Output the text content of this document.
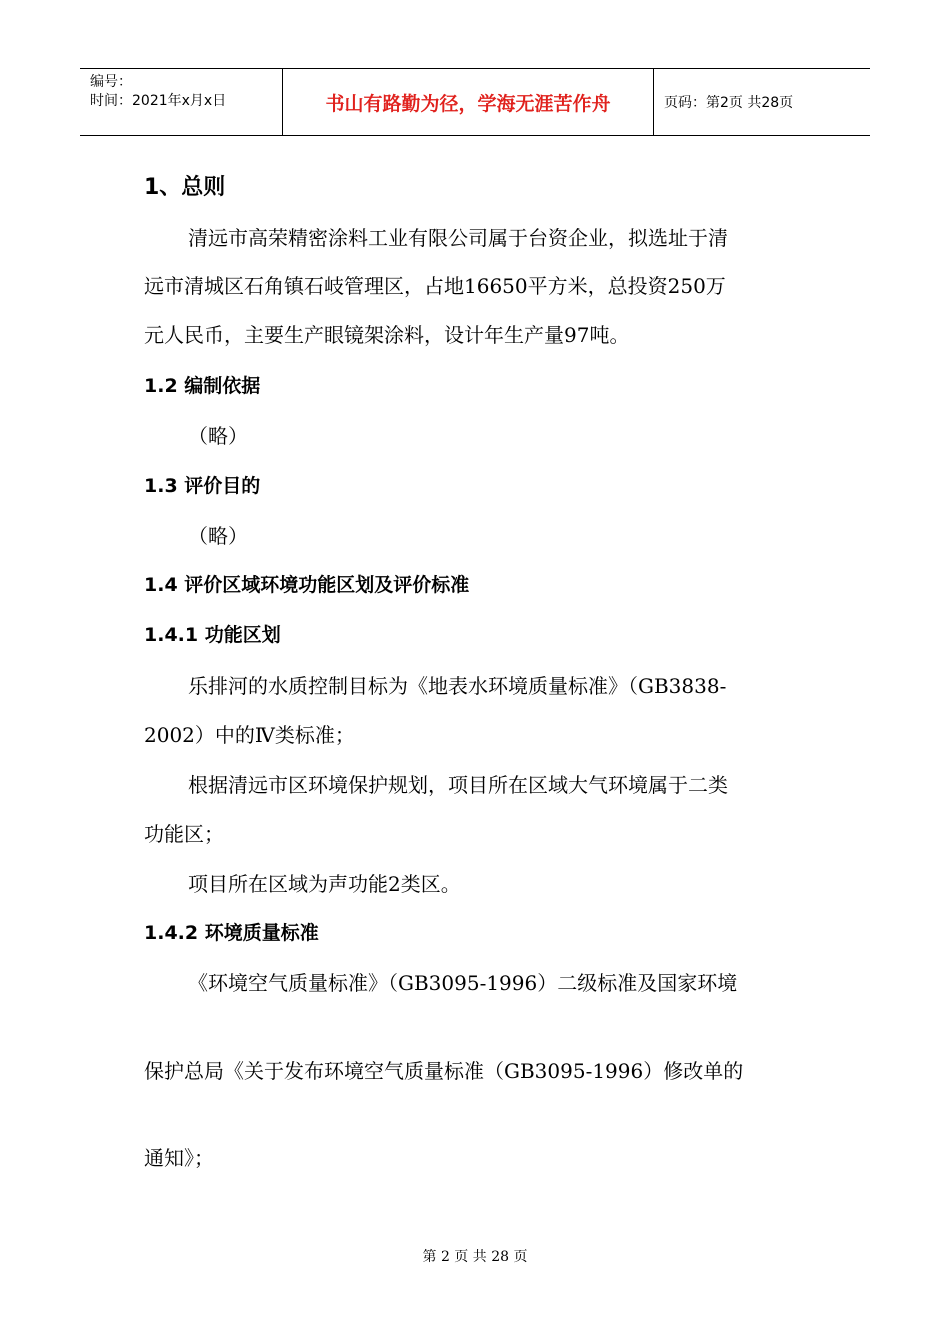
编号：
时间：2021年x月x日	书山有路勤为径，学海无涯苦作舟	页码：第2页 共28页
1、总则
清远市高荣精密涂料工业有限公司属于台资企业，拟选址于清
远市清城区石角镇石岐管理区，占地16650平方米，总投资250万
元人民币，主要生产眼镜架涂料，设计年生产量97吨。
1.2 编制依据
（略）
1.3 评价目的
（略）
1.4 评价区域环境功能区划及评价标准
1.4.1 功能区划
乐排河的水质控制目标为《地表水环境质量标准》（GB3838-
2002）中的Ⅳ类标准；
根据清远市区环境保护规划，项目所在区域大气环境属于二类
功能区；
项目所在区域为声功能2类区。
1.4.2 环境质量标准
《环境空气质量标准》（GB3095-1996）二级标准及国家环境
保护总局《关于发布环境空气质量标准（GB3095-1996）修改单的
通知》；
第 2 页 共 28 页
